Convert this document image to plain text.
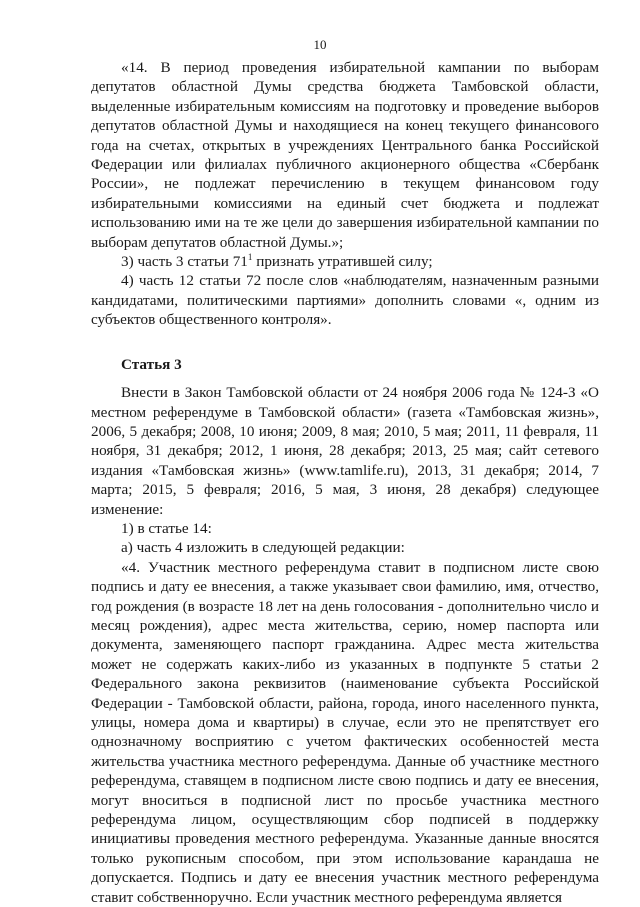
10

«14. В период проведения избирательной кампании по выборам депутатов областной Думы средства бюджета Тамбовской области, выделенные избирательным комиссиям на подготовку и проведение выборов депутатов областной Думы и находящиеся на конец текущего финансового года на счетах, открытых в учреждениях Центрального банка Российской Федерации или филиалах публичного акционерного общества «Сбербанк России», не подлежат перечислению в текущем финансовом году избирательными комиссиями на единый счет бюджета и подлежат использованию ими на те же цели до завершения избирательной кампании по выборам депутатов областной Думы.»;

3) часть 3 статьи $71^1$ признать утратившей силу;

4) часть 12 статьи 72 после слов «наблюдателям, назначенным разными кандидатами, политическими партиями» дополнить словами «, одним из субъектов общественного контроля».

Статья 3

Внести в Закон Тамбовской области от 24 ноября 2006 года № 124-З «О местном референдуме в Тамбовской области» (газета «Тамбовская жизнь», 2006, 5 декабря; 2008, 10 июня; 2009, 8 мая; 2010, 5 мая; 2011, 11 февраля, 11 ноября, 31 декабря; 2012, 1 июня, 28 декабря; 2013, 25 мая; сайт сетевого издания «Тамбовская жизнь» (www.tamlife.ru), 2013, 31 декабря; 2014, 7 марта; 2015, 5 февраля; 2016, 5 мая, 3 июня, 28 декабря) следующее изменение:

1) в статье 14:

а) часть 4 изложить в следующей редакции:

«4. Участник местного референдума ставит в подписном листе свою подпись и дату ее внесения, а также указывает свои фамилию, имя, отчество, год рождения (в возрасте 18 лет на день голосования - дополнительно число и месяц рождения), адрес места жительства, серию, номер паспорта или документа, заменяющего паспорт гражданина. Адрес места жительства может не содержать каких-либо из указанных в подпункте 5 статьи 2 Федерального закона реквизитов (наименование субъекта Российской Федерации - Тамбовской области, района, города, иного населенного пункта, улицы, номера дома и квартиры) в случае, если это не препятствует его однозначному восприятию с учетом фактических особенностей места жительства участника местного референдума. Данные об участнике местного референдума, ставящем в подписном листе свою подпись и дату ее внесения, могут вноситься в подписной лист по просьбе участника местного референдума лицом, осуществляющим сбор подписей в поддержку инициативы проведения местного референдума. Указанные данные вносятся только рукописным способом, при этом использование карандаша не допускается. Подпись и дату ее внесения участник местного референдума ставит собственноручно. Если участник местного референдума является
